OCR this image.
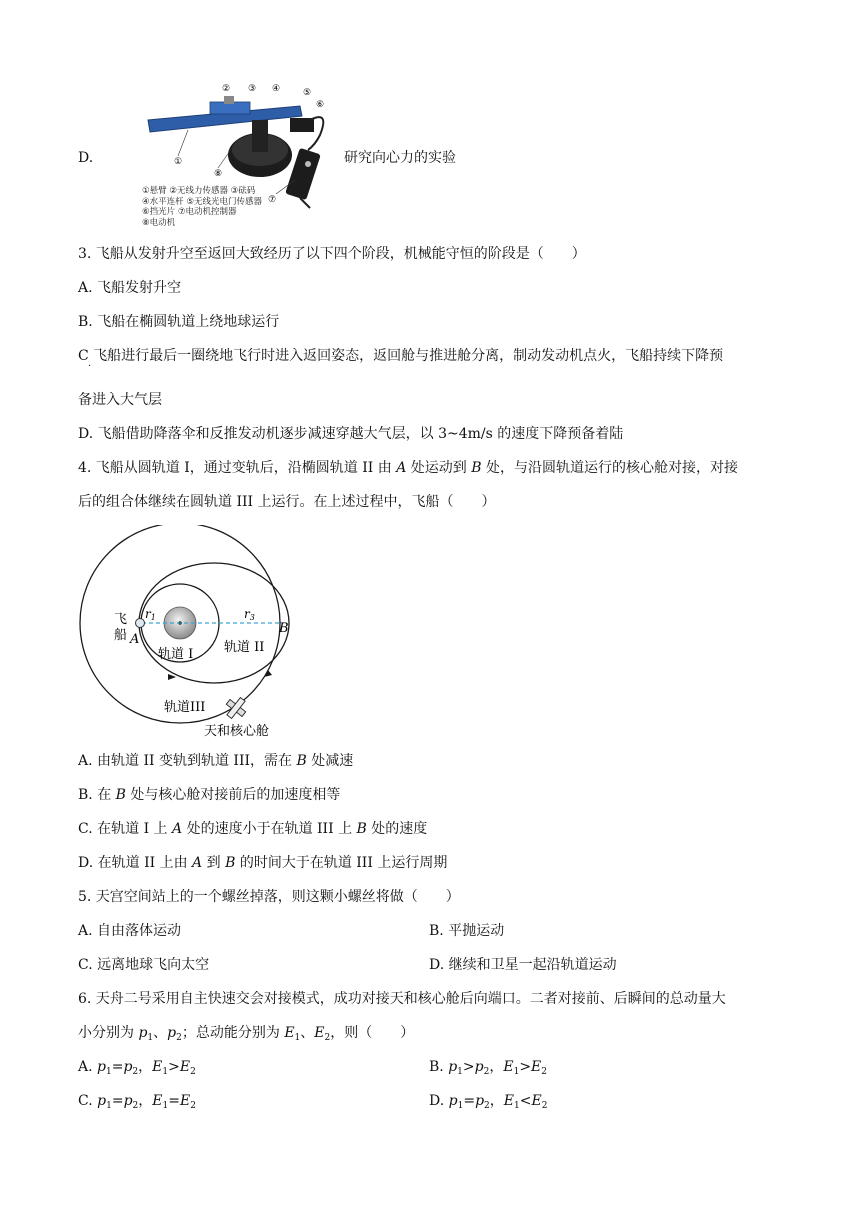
D.
② ③ ④	⑤
⑥
①
⑧
⑦
①悬臂 ②无线力传感器 ③砝码
④水平连杆 ⑤无线光电门传感器
⑥挡光片 ⑦电动机控制器
⑧电动机
研究向心力的实验
3. 飞船从发射升空至返回大致经历了以下四个阶段，机械能守恒的阶段是（　　）
A. 飞船发射升空
B. 飞船在椭圆轨道上绕地球运行
C 飞船进行最后一圈绕地飞行时进入返回姿态，返回舱与推进舱分离，制动发动机点火，飞船持续下降预
·
备进入大气层
D. 飞船借助降落伞和反推发动机逐步减速穿越大气层，以 3~4m/s 的速度下降预备着陆
4. 飞船从圆轨道 I，通过变轨后，沿椭圆轨道 II 由 A 处运动到 B 处，与沿圆轨道运行的核心舱对接，对接
后的组合体继续在圆轨道 III 上运行。在上述过程中，飞船（　　）
飞
船 A
B
r1	r3
轨道 I 轨道 II
轨道III
天和核心舱
A. 由轨道 II 变轨到轨道 III，需在 B 处减速
B. 在 B 处与核心舱对接前后的加速度相等
C. 在轨道 I 上 A 处的速度小于在轨道 III 上 B 处的速度
D. 在轨道 II 上由 A 到 B 的时间大于在轨道 III 上运行周期
5. 天宫空间站上的一个螺丝掉落，则这颗小螺丝将做（　　）
A. 自由落体运动	B. 平抛运动
C. 远离地球飞向太空	D. 继续和卫星一起沿轨道运动
6. 天舟二号采用自主快速交会对接模式，成功对接天和核心舱后向端口。二者对接前、后瞬间的总动量大
小分别为 $p_1$、$p_2$；总动能分别为 $E_1$、$E_2$，则（　　）
A. $p_1=p_2$，$E_1>E_2$	B. $p_1>p_2$，$E_1>E_2$
C. $p_1=p_2$，$E_1=E_2$	D. $p_1=p_2$，$E_1<E_2$
